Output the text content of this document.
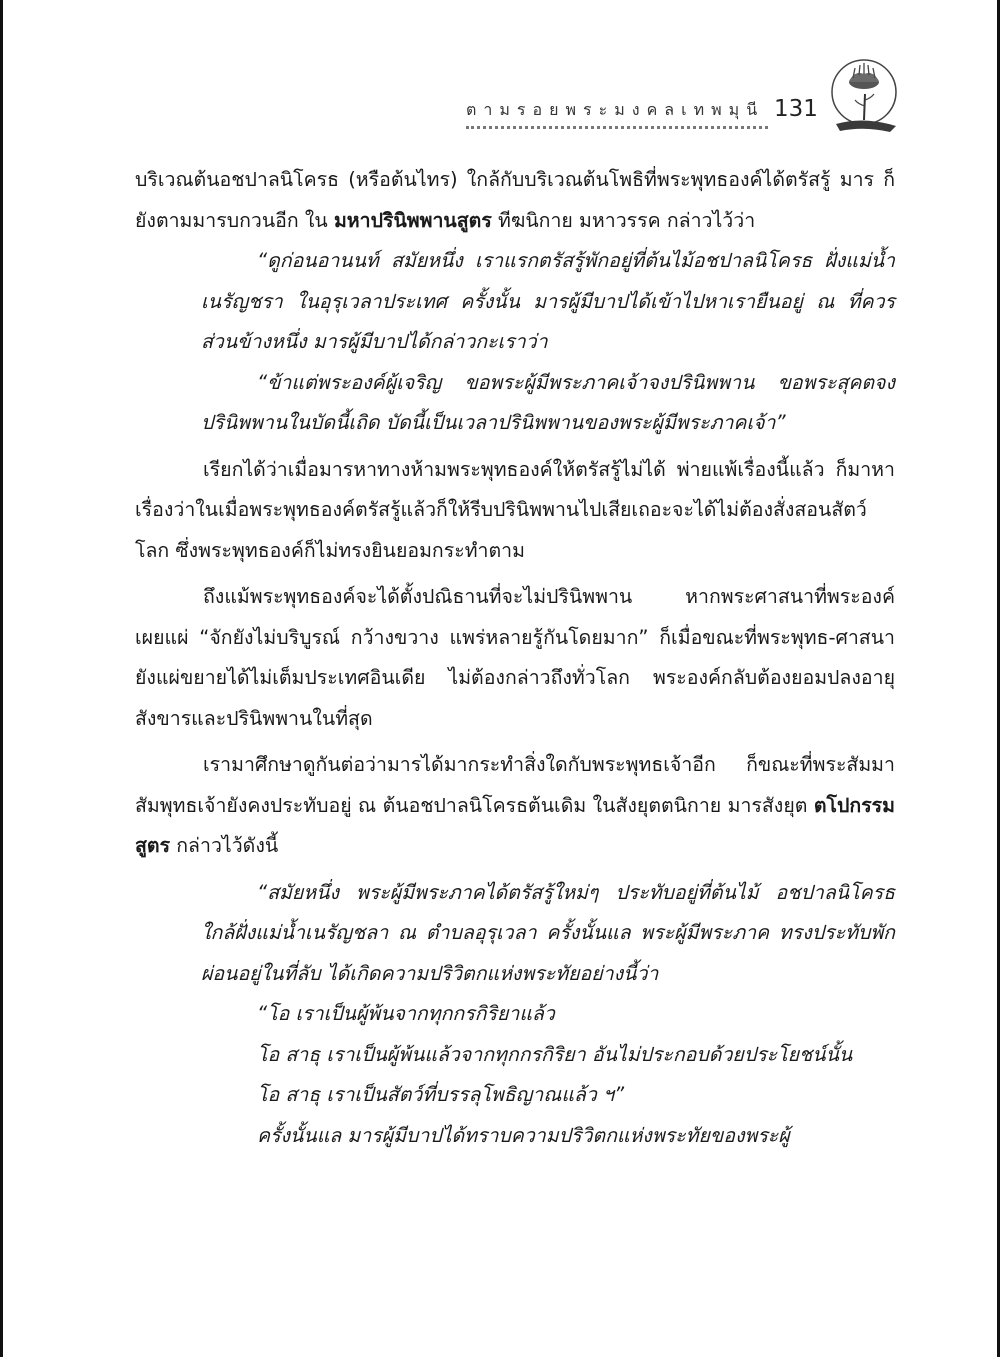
ตามรอยพระมงคลเทพมุนี 131

บริเวณต้นอชปาลนิโครธ (หรือต้นไทร) ใกล้กับบริเวณต้นโพธิที่พระพุทธองค์ได้ตรัสรู้ มาร ก็ยังตามมารบกวนอีก ใน มหาปรินิพพานสูตร ทีฆนิกาย มหาวรรค กล่าวไว้ว่า

“ดูก่อนอานนท์ สมัยหนึ่ง เราแรกตรัสรู้พักอยู่ที่ต้นไม้อชปาลนิโครธ ฝั่งแม่น้ำเนรัญชรา ในอุรุเวลาประเทศ ครั้งนั้น มารผู้มีบาปได้เข้าไปหาเรายืนอยู่ ณ ที่ควรส่วนข้างหนึ่ง มารผู้มีบาปได้กล่าวกะเราว่า

“ข้าแต่พระองค์ผู้เจริญ ขอพระผู้มีพระภาคเจ้าจงปรินิพพาน ขอพระสุคตจงปรินิพพานในบัดนี้เถิด บัดนี้เป็นเวลาปรินิพพานของพระผู้มีพระภาคเจ้า”

เรียกได้ว่าเมื่อมารหาทางห้ามพระพุทธองค์ให้ตรัสรู้ไม่ได้ พ่ายแพ้เรื่องนี้แล้ว ก็มาหาเรื่องว่าในเมื่อพระพุทธองค์ตรัสรู้แล้วก็ให้รีบปรินิพพานไปเสียเถอะจะได้ไม่ต้องสั่งสอนสัตว์โลก ซึ่งพระพุทธองค์ก็ไม่ทรงยินยอมกระทำตาม

ถึงแม้พระพุทธองค์จะได้ตั้งปณิธานที่จะไม่ปรินิพพาน หากพระศาสนาที่พระองค์เผยแผ่ “จักยังไม่บริบูรณ์ กว้างขวาง แพร่หลายรู้กันโดยมาก” ก็เมื่อขณะที่พระพุทธ-ศาสนายังแผ่ขยายได้ไม่เต็มประเทศอินเดีย ไม่ต้องกล่าวถึงทั่วโลก พระองค์กลับต้องยอมปลงอายุสังขารและปรินิพพานในที่สุด

เรามาศึกษาดูกันต่อว่ามารได้มากระทำสิ่งใดกับพระพุทธเจ้าอีก ก็ขณะที่พระสัมมาสัมพุทธเจ้ายังคงประทับอยู่ ณ ต้นอชปาลนิโครธต้นเดิม ในสังยุตตนิกาย มารสังยุต ตโปกรรมสูตร กล่าวไว้ดังนี้

“สมัยหนึ่ง พระผู้มีพระภาคได้ตรัสรู้ใหม่ๆ ประทับอยู่ที่ต้นไม้ อชปาลนิโครธ ใกล้ฝั่งแม่น้ำเนรัญชลา ณ ตำบลอุรุเวลา ครั้งนั้นแล พระผู้มีพระภาค ทรงประทับพักผ่อนอยู่ในที่ลับ ได้เกิดความปริวิตกแห่งพระทัยอย่างนี้ว่า

“โอ เราเป็นผู้พ้นจากทุกกรกิริยาแล้ว

โอ สาธุ เราเป็นผู้พ้นแล้วจากทุกกรกิริยา อันไม่ประกอบด้วยประโยชน์นั้น

โอ สาธุ เราเป็นสัตว์ที่บรรลุโพธิญาณแล้ว ฯ”

ครั้งนั้นแล มารผู้มีบาปได้ทราบความปริวิตกแห่งพระทัยของพระผู้
